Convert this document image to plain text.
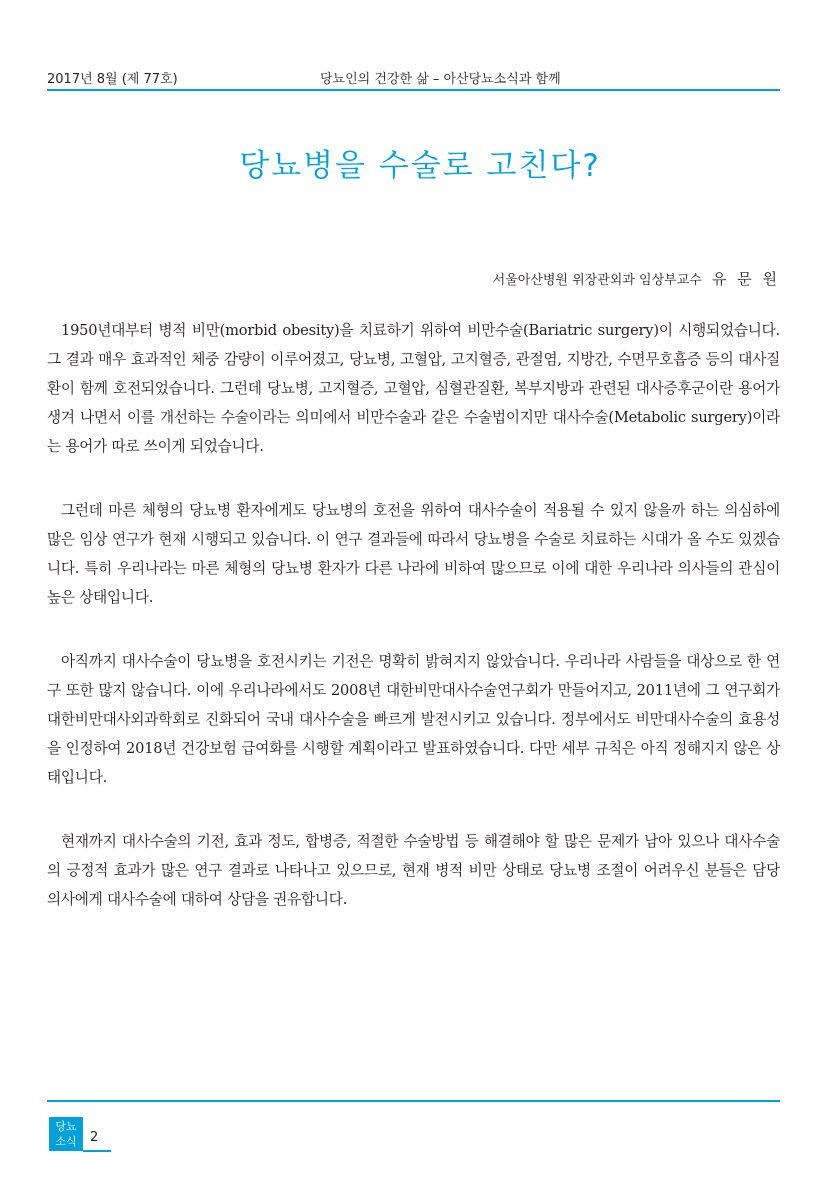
2017년 8월 (제 77호)	당뇨인의 건강한 삶 – 아산당뇨소식과 함께
당뇨병을 수술로 고친다?
서울아산병원 위장관외과 임상부교수 유 문 원

1950년대부터 병적 비만(morbid obesity)을 치료하기 위하여 비만수술(Bariatric surgery)이 시행되었습니다. 그 결과 매우 효과적인 체중 감량이 이루어졌고, 당뇨병, 고혈압, 고지혈증, 관절염, 지방간, 수면무호흡증 등의 대사질환이 함께 호전되었습니다. 그런데 당뇨병, 고지혈증, 고혈압, 심혈관질환, 복부지방과 관련된 대사증후군이란 용어가 생겨 나면서 이를 개선하는 수술이라는 의미에서 비만수술과 같은 수술법이지만 대사수술(Metabolic surgery)이라는 용어가 따로 쓰이게 되었습니다.

그런데 마른 체형의 당뇨병 환자에게도 당뇨병의 호전을 위하여 대사수술이 적용될 수 있지 않을까 하는 의심하에 많은 임상 연구가 현재 시행되고 있습니다. 이 연구 결과들에 따라서 당뇨병을 수술로 치료하는 시대가 올 수도 있겠습니다. 특히 우리나라는 마른 체형의 당뇨병 환자가 다른 나라에 비하여 많으므로 이에 대한 우리나라 의사들의 관심이 높은 상태입니다.

아직까지 대사수술이 당뇨병을 호전시키는 기전은 명확히 밝혀지지 않았습니다. 우리나라 사람들을 대상으로 한 연구 또한 많지 않습니다. 이에 우리나라에서도 2008년 대한비만대사수술연구회가 만들어지고, 2011년에 그 연구회가 대한비만대사외과학회로 진화되어 국내 대사수술을 빠르게 발전시키고 있습니다. 정부에서도 비만대사수술의 효용성을 인정하여 2018년 건강보험 급여화를 시행할 계획이라고 발표하였습니다. 다만 세부 규칙은 아직 정해지지 않은 상태입니다.

현재까지 대사수술의 기전, 효과 정도, 합병증, 적절한 수술방법 등 해결해야 할 많은 문제가 남아 있으나 대사수술의 긍정적 효과가 많은 연구 결과로 나타나고 있으므로, 현재 병적 비만 상태로 당뇨병 조절이 어려우신 분들은 담당 의사에게 대사수술에 대하여 상담을 권유합니다.

당뇨
소식	2
